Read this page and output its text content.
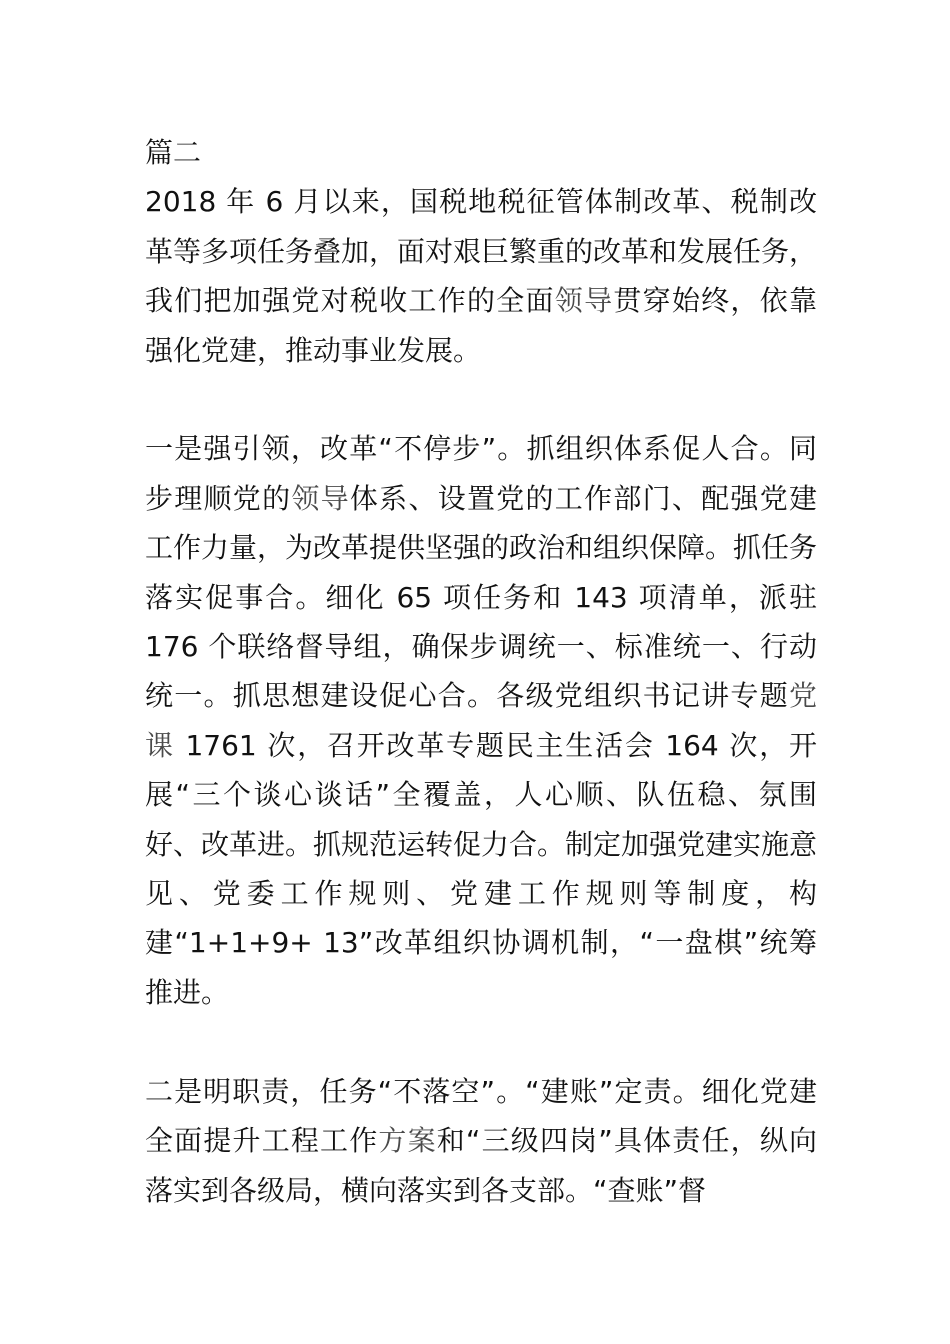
篇二

2018 年 6 月以来，国税地税征管体制改革、税制改革等多项任务叠加，面对艰巨繁重的改革和发展任务，我们把加强党对税收工作的全面领导贯穿始终，依靠强化党建，推动事业发展。

一是强引领，改革“不停步”。抓组织体系促人合。同步理顺党的领导体系、设置党的工作部门、配强党建工作力量，为改革提供坚强的政治和组织保障。抓任务落实促事合。细化 65 项任务和 143 项清单，派驻 176 个联络督导组，确保步调统一、标准统一、行动统一。抓思想建设促心合。各级党组织书记讲专题党课 1761 次，召开改革专题民主生活会 164 次，开展“三个谈心谈话”全覆盖，人心顺、队伍稳、氛围好、改革进。抓规范运转促力合。制定加强党建实施意见、党委工作规则、党建工作规则等制度，构建“1+1+9+ 13”改革组织协调机制，“一盘棋”统筹推进。

二是明职责，任务“不落空”。“建账”定责。细化党建全面提升工程工作方案和“三级四岗”具体责任，纵向落实到各级局，横向落实到各支部。“查账”督
